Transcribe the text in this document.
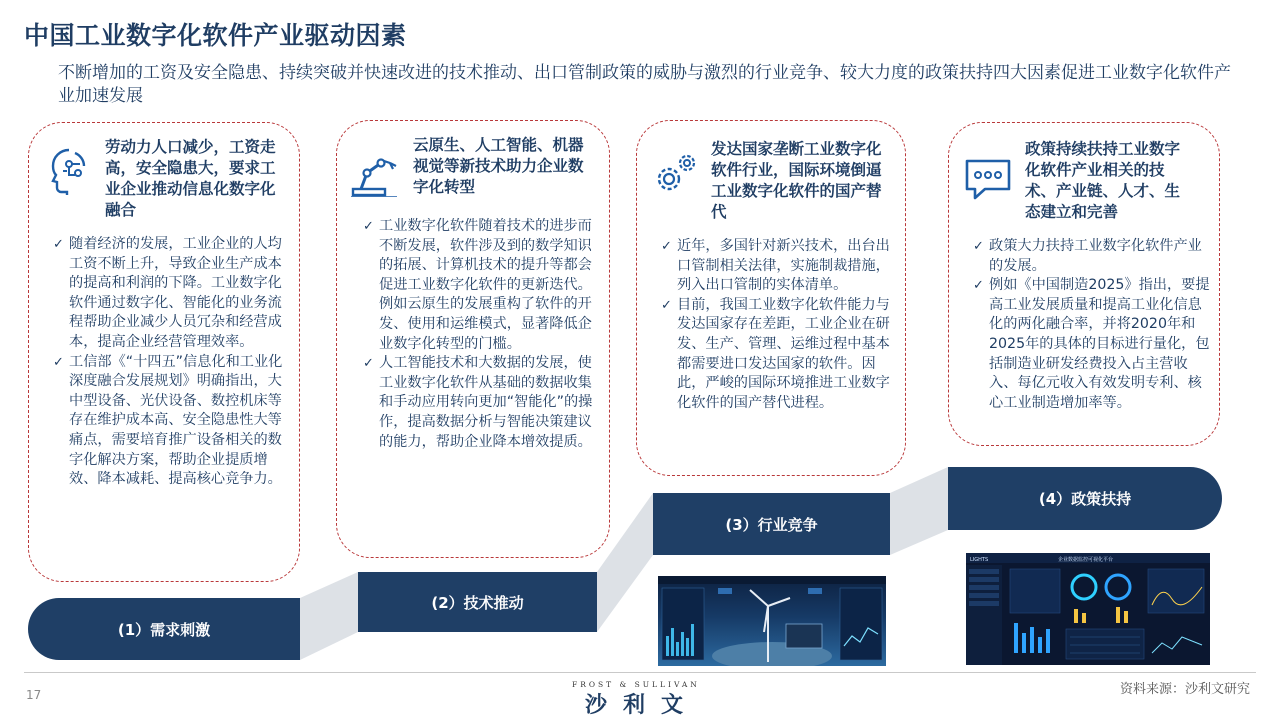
中国工业数字化软件产业驱动因素
不断增加的工资及安全隐患、持续突破并快速改进的技术推动、出口管制政策的威胁与激烈的行业竞争、较大力度的政策扶持四大因素促进工业数字化软件产业加速发展
劳动力人口减少，工资走高，安全隐患大，要求工业企业推动信息化数字化融合
✓ 随着经济的发展，工业企业的人均工资不断上升，导致企业生产成本的提高和利润的下降。工业数字化软件通过数字化、智能化的业务流程帮助企业减少人员冗杂和经营成本，提高企业经营管理效率。
✓ 工信部《“十四五”信息化和工业化深度融合发展规划》明确指出，大中型设备、光伏设备、数控机床等存在维护成本高、安全隐患性大等痛点，需要培育推广设备相关的数字化解决方案，帮助企业提质增效、降本减耗、提高核心竞争力。
云原生、人工智能、机器视觉等新技术助力企业数字化转型
✓ 工业数字化软件随着技术的进步而不断发展，软件涉及到的数学知识的拓展、计算机技术的提升等都会促进工业数字化软件的更新迭代。例如云原生的发展重构了软件的开发、使用和运维模式，显著降低企业数字化转型的门槛。
✓ 人工智能技术和大数据的发展，使工业数字化软件从基础的数据收集和手动应用转向更加“智能化”的操作，提高数据分析与智能决策建议的能力，帮助企业降本增效提质。
发达国家垄断工业数字化软件行业，国际环境倒逼工业数字化软件的国产替代
✓ 近年，多国针对新兴技术，出台出口管制相关法律，实施制裁措施，列入出口管制的实体清单。
✓ 目前，我国工业数字化软件能力与发达国家存在差距，工业企业在研发、生产、管理、运维过程中基本都需要进口发达国家的软件。因此，严峻的国际环境推进工业数字化软件的国产替代进程。
政策持续扶持工业数字化软件产业相关的技术、产业链、人才、生态建立和完善
✓ 政策大力扶持工业数字化软件产业的发展。
✓ 例如《中国制造2025》指出，要提高工业发展质量和提高工业化信息化的两化融合率，并将2020年和2025年的具体的目标进行量化，包括制造业研发经费投入占主营收入、每亿元收入有效发明专利、核心工业制造增加率等。
(1）需求刺激
(2）技术推动
(3）行业竞争
(4）政策扶持
LIGHTS	企业数据监控可视化平台
17
FROST & SULLIVAN
沙利文
资料来源：沙利文研究
